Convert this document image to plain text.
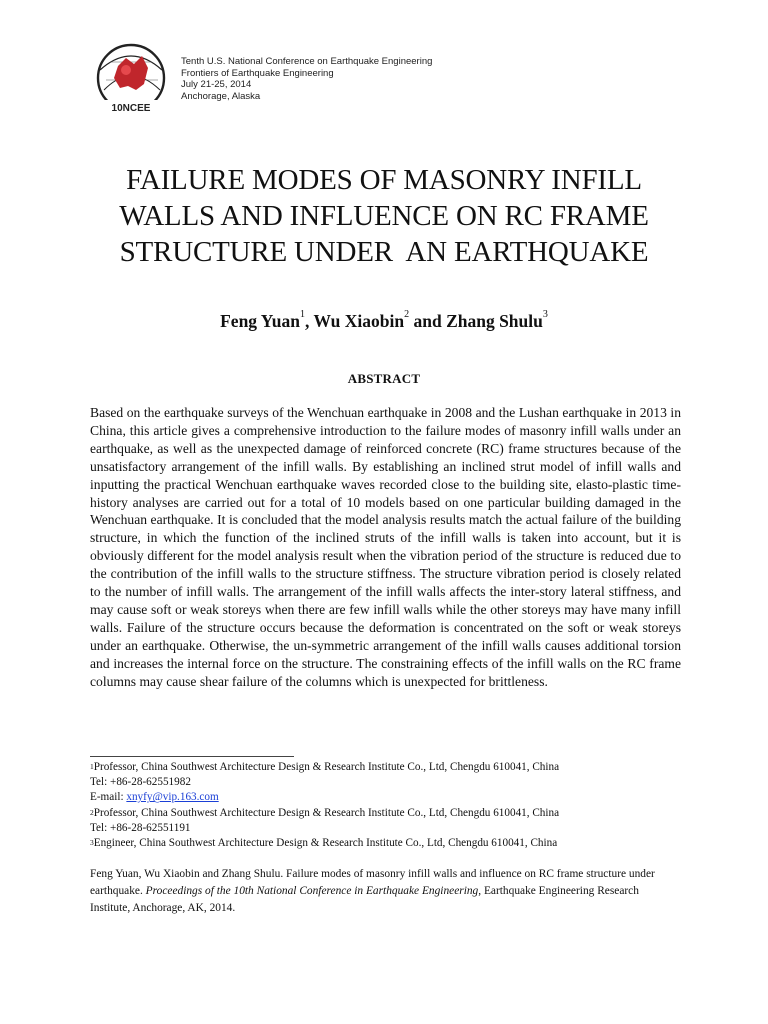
10NCEE
Tenth U.S. National Conference on Earthquake Engineering
Frontiers of Earthquake Engineering
July 21-25, 2014
Anchorage, Alaska
FAILURE MODES OF MASONRY INFILL
WALLS AND INFLUENCE ON RC FRAME
STRUCTURE UNDER  AN EARTHQUAKE
Feng Yuan$^1$, Wu Xiaobin$^2$ and Zhang Shulu$^3$
ABSTRACT
Based on the earthquake surveys of the Wenchuan earthquake in 2008 and the Lushan earthquake in 2013 in China, this article gives a comprehensive introduction to the failure modes of masonry infill walls under an earthquake, as well as the unexpected damage of reinforced concrete (RC) frame structures because of the unsatisfactory arrangement of the infill walls. By establishing an inclined strut model of infill walls and inputting the practical Wenchuan earthquake waves recorded close to the building site, elasto-plastic time-history analyses are carried out for a total of 10 models based on one particular building damaged in the Wenchuan earthquake. It is concluded that the model analysis results match the actual failure of the building structure, in which the function of the inclined struts of the infill walls is taken into account, but it is obviously different for the model analysis result when the vibration period of the structure is reduced due to the contribution of the infill walls to the structure stiffness. The structure vibration period is closely related to the number of infill walls. The arrangement of the infill walls affects the inter-story lateral stiffness, and may cause soft or weak storeys when there are few infill walls while the other storeys may have many infill walls. Failure of the structure occurs because the deformation is concentrated on the soft or weak storeys under an earthquake. Otherwise, the un-symmetric arrangement of the infill walls causes additional torsion and increases the internal force on the structure. The constraining effects of the infill walls on the RC frame columns may cause shear failure of the columns which is unexpected for brittleness.
$^1$Professor, China Southwest Architecture Design & Research Institute Co., Ltd, Chengdu 610041, China
Tel: +86-28-62551982
E-mail: xnyfy@vip.163.com
$^2$Professor, China Southwest Architecture Design & Research Institute Co., Ltd, Chengdu 610041, China
Tel: +86-28-62551191
$^3$Engineer, China Southwest Architecture Design & Research Institute Co., Ltd, Chengdu 610041, China
Feng Yuan, Wu Xiaobin and Zhang Shulu. Failure modes of masonry infill walls and influence on RC frame structure under earthquake. Proceedings of the 10th National Conference in Earthquake Engineering, Earthquake Engineering Research Institute, Anchorage, AK, 2014.
